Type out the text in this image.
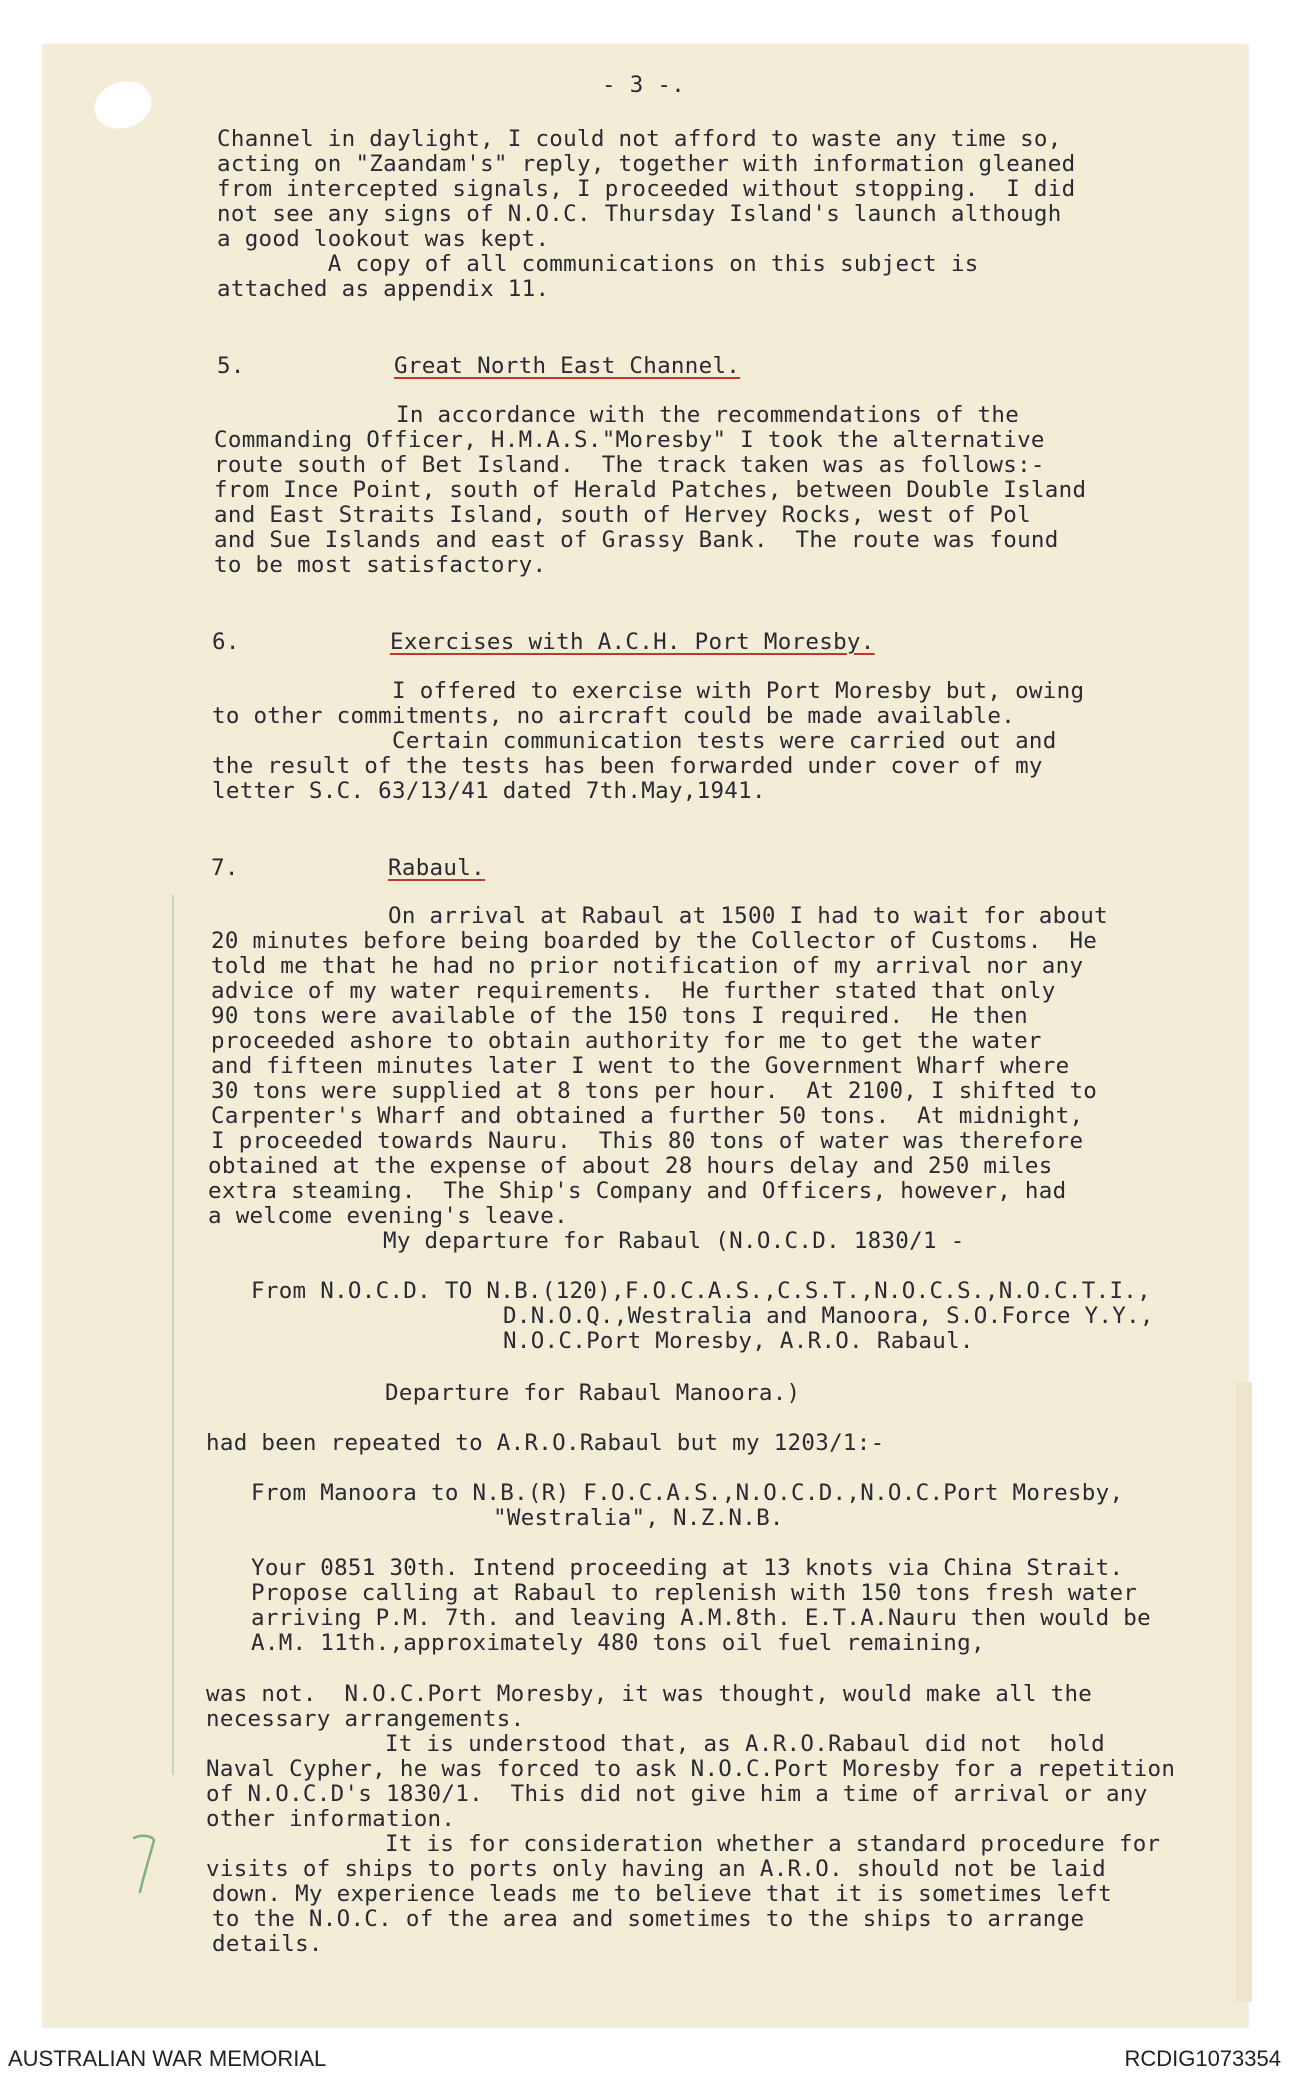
- 3 -.
Channel in daylight, I could not afford to waste any time so,
acting on "Zaandam's" reply, together with information gleaned
from intercepted signals, I proceeded without stopping.  I did
not see any signs of N.O.C. Thursday Island's launch although
a good lookout was kept.
A copy of all communications on this subject is
attached as appendix 11.
5.	Great North East Channel.
In accordance with the recommendations of the
Commanding Officer, H.M.A.S."Moresby" I took the alternative
route south of Bet Island.  The track taken was as follows:-
from Ince Point, south of Herald Patches, between Double Island
and East Straits Island, south of Hervey Rocks, west of Pol
and Sue Islands and east of Grassy Bank.  The route was found
to be most satisfactory.
6.	Exercises with A.C.H. Port Moresby.
I offered to exercise with Port Moresby but, owing
to other commitments, no aircraft could be made available.
Certain communication tests were carried out and
the result of the tests has been forwarded under cover of my
letter S.C. 63/13/41 dated 7th.May,1941.
7.	Rabaul.
On arrival at Rabaul at 1500 I had to wait for about
20 minutes before being boarded by the Collector of Customs.  He
told me that he had no prior notification of my arrival nor any
advice of my water requirements.  He further stated that only
90 tons were available of the 150 tons I required.  He then
proceeded ashore to obtain authority for me to get the water
and fifteen minutes later I went to the Government Wharf where
30 tons were supplied at 8 tons per hour.  At 2100, I shifted to
Carpenter's Wharf and obtained a further 50 tons.  At midnight,
I proceeded towards Nauru.  This 80 tons of water was therefore
obtained at the expense of about 28 hours delay and 250 miles
extra steaming.  The Ship's Company and Officers, however, had
a welcome evening's leave.
My departure for Rabaul (N.O.C.D. 1830/1 -
From N.O.C.D. TO N.B.(120),F.O.C.A.S.,C.S.T.,N.O.C.S.,N.O.C.T.I.,
D.N.O.Q.,Westralia and Manoora, S.O.Force Y.Y.,
N.O.C.Port Moresby, A.R.O. Rabaul.
Departure for Rabaul Manoora.)
had been repeated to A.R.O.Rabaul but my 1203/1:-
From Manoora to N.B.(R) F.O.C.A.S.,N.O.C.D.,N.O.C.Port Moresby,
"Westralia", N.Z.N.B.
Your 0851 30th. Intend proceeding at 13 knots via China Strait.
Propose calling at Rabaul to replenish with 150 tons fresh water
arriving P.M. 7th. and leaving A.M.8th. E.T.A.Nauru then would be
A.M. 11th.,approximately 480 tons oil fuel remaining,
was not.  N.O.C.Port Moresby, it was thought, would make all the
necessary arrangements.
It is understood that, as A.R.O.Rabaul did not  hold
Naval Cypher, he was forced to ask N.O.C.Port Moresby for a repetition
of N.O.C.D's 1830/1.  This did not give him a time of arrival or any
other information.
It is for consideration whether a standard procedure for
visits of ships to ports only having an A.R.O. should not be laid
down. My experience leads me to believe that it is sometimes left
to the N.O.C. of the area and sometimes to the ships to arrange
details.
AUSTRALIAN WAR MEMORIAL	RCDIG1073354
